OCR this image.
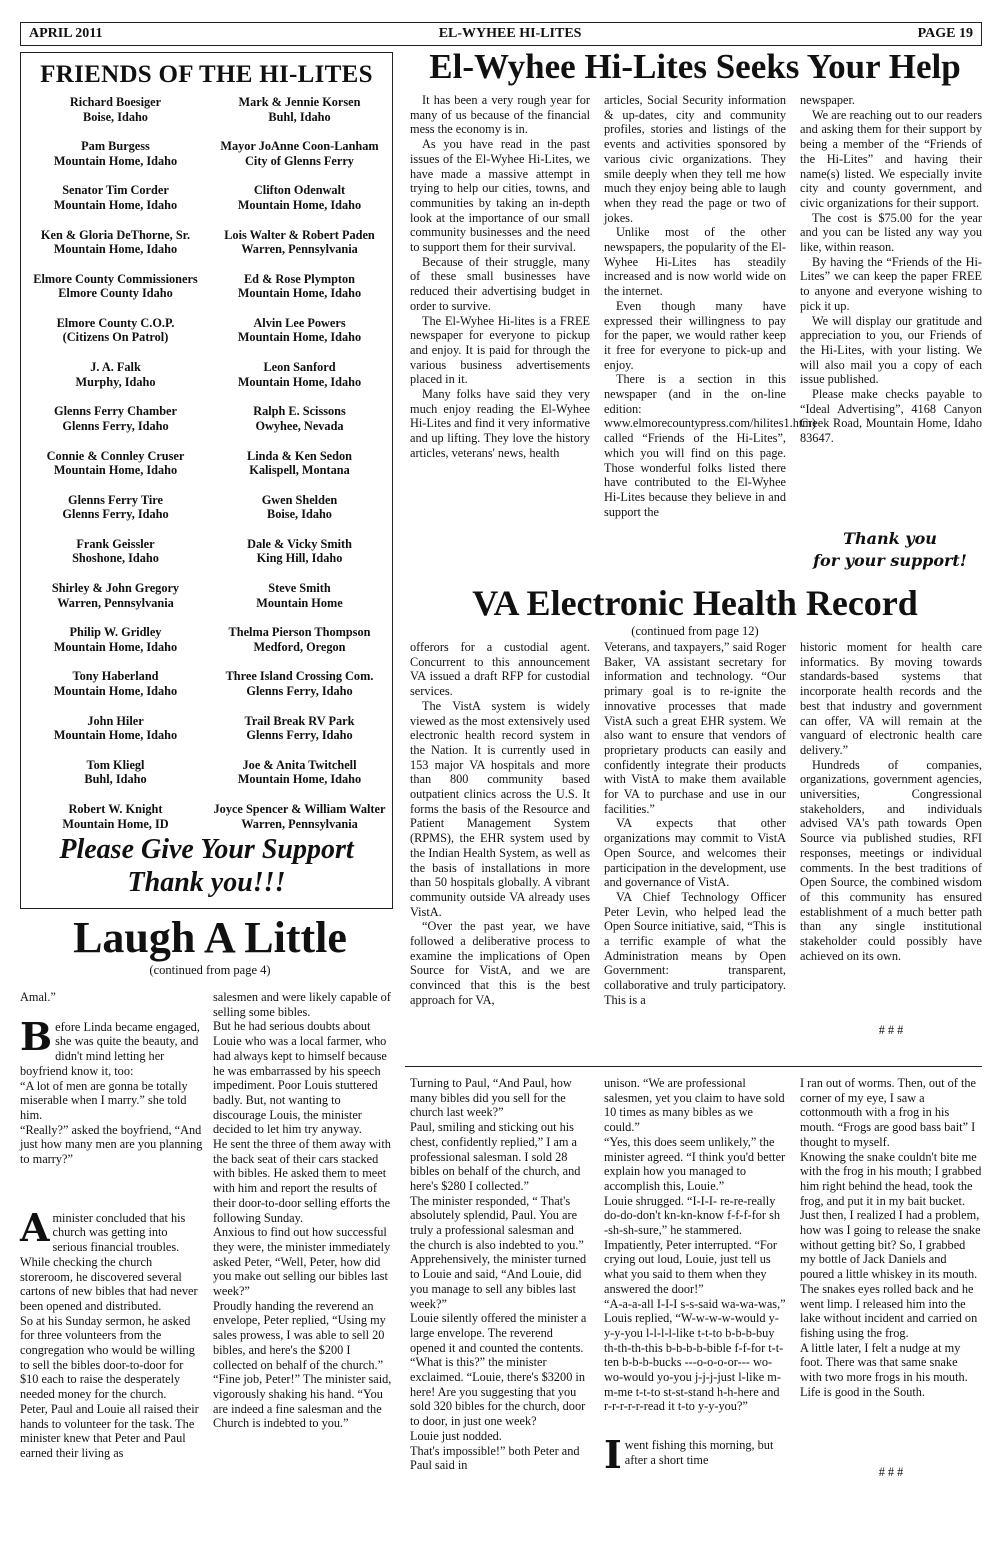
APRIL 2011	EL-WYHEE HI-LITES	PAGE 19
FRIENDS OF THE HI-LITES
Richard Boesiger
Boise, Idaho
Pam Burgess
Mountain Home, Idaho
Senator Tim Corder
Mountain Home, Idaho
Ken & Gloria DeThorne, Sr.
Mountain Home, Idaho
Elmore County Commissioners
Elmore County Idaho
Elmore County C.O.P.
(Citizens On Patrol)
J. A. Falk
Murphy, Idaho
Glenns Ferry Chamber
Glenns Ferry, Idaho
Connie & Connley Cruser
Mountain Home, Idaho
Glenns Ferry Tire
Glenns Ferry, Idaho
Frank Geissler
Shoshone, Idaho
Shirley & John Gregory
Warren, Pennsylvania
Philip W. Gridley
Mountain Home, Idaho
Tony Haberland
Mountain Home, Idaho
John Hiler
Mountain Home, Idaho
Tom Kliegl
Buhl, Idaho
Robert W. Knight
Mountain Home, ID
Mark & Jennie Korsen
Buhl, Idaho
Mayor JoAnne Coon-Lanham
City of Glenns Ferry
Clifton Odenwalt
Mountain Home, Idaho
Lois Walter & Robert Paden
Warren, Pennsylvania
Ed & Rose Plympton
Mountain Home, Idaho
Alvin Lee Powers
Mountain Home, Idaho
Leon Sanford
Mountain Home, Idaho
Ralph E. Scissons
Owyhee, Nevada
Linda & Ken Sedon
Kalispell, Montana
Gwen Shelden
Boise, Idaho
Dale & Vicky Smith
King Hill, Idaho
Steve Smith
Mountain Home
Thelma Pierson Thompson
Medford, Oregon
Three Island Crossing Com.
Glenns Ferry, Idaho
Trail Break RV Park
Glenns Ferry, Idaho
Joe & Anita Twitchell
Mountain Home, Idaho
Joyce Spencer & William Walter
Warren, Pennsylvania
Please Give Your Support
Thank you!!!
El-Wyhee Hi-Lites Seeks Your Help

It has been a very rough year for many of us because of the financial mess the economy is in.

As you have read in the past issues of the El-Wyhee Hi-Lites, we have made a massive attempt in trying to help our cities, towns, and communities by taking an in-depth look at the importance of our small community businesses and the need to support them for their survival.

Because of their struggle, many of these small businesses have reduced their advertising budget in order to survive.

The El-Wyhee Hi-lites is a FREE newspaper for everyone to pickup and enjoy. It is paid for through the various business advertisements placed in it.

Many folks have said they very much enjoy reading the El-Wyhee Hi-Lites and find it very informative and up lifting. They love the history articles, veterans' news, health

articles, Social Security information & up-dates, city and community profiles, stories and listings of the events and activities sponsored by various civic organizations. They smile deeply when they tell me how much they enjoy being able to laugh when they read the page or two of jokes.

Unlike most of the other newspapers, the popularity of the El-Wyhee Hi-Lites has steadily increased and is now world wide on the internet.

Even though many have expressed their willingness to pay for the paper, we would rather keep it free for everyone to pick-up and enjoy.

There is a section in this newspaper (and in the on-line edition: www.elmorecountypress.com/hilites1.htm) called “Friends of the Hi-Lites”, which you will find on this page. Those wonderful folks listed there have contributed to the El-Wyhee Hi-Lites because they believe in and support the

newspaper.

We are reaching out to our readers and asking them for their support by being a member of the “Friends of the Hi-Lites” and having their name(s) listed. We especially invite city and county government, and civic organizations for their support.

The cost is $75.00 for the year and you can be listed any way you like, within reason.

By having the “Friends of the Hi-Lites” we can keep the paper FREE to anyone and everyone wishing to pick it up.

We will display our gratitude and appreciation to you, our Friends of the Hi-Lites, with your listing. We will also mail you a copy of each issue published.

Please make checks payable to “Ideal Advertising”, 4168 Canyon Creek Road, Mountain Home, Idaho 83647.

Thank you
for your support!
VA Electronic Health Record
(continued from page 12)

offerors for a custodial agent. Concurrent to this announcement VA issued a draft RFP for custodial services.

The VistA system is widely viewed as the most extensively used electronic health record system in the Nation. It is currently used in 153 major VA hospitals and more than 800 community based outpatient clinics across the U.S. It forms the basis of the Resource and Patient Management System (RPMS), the EHR system used by the Indian Health System, as well as the basis of installations in more than 50 hospitals globally. A vibrant community outside VA already uses VistA.

“Over the past year, we have followed a deliberative process to examine the implications of Open Source for VistA, and we are convinced that this is the best approach for VA,

Veterans, and taxpayers,” said Roger Baker, VA assistant secretary for information and technology. “Our primary goal is to re-ignite the innovative processes that made VistA such a great EHR system. We also want to ensure that vendors of proprietary products can easily and confidently integrate their products with VistA to make them available for VA to purchase and use in our facilities.”

VA expects that other organizations may commit to VistA Open Source, and welcomes their participation in the development, use and governance of VistA.

VA Chief Technology Officer Peter Levin, who helped lead the Open Source initiative, said, “This is a terrific example of what the Administration means by Open Government: transparent, collaborative and truly participatory. This is a

historic moment for health care informatics. By moving towards standards-based systems that incorporate health records and the best that industry and government can offer, VA will remain at the vanguard of electronic health care delivery.”

Hundreds of companies, organizations, government agencies, universities, Congressional stakeholders, and individuals advised VA's path towards Open Source via published studies, RFI responses, meetings or individual comments. In the best traditions of Open Source, the combined wisdom of this community has ensured establishment of a much better path than any single institutional stakeholder could possibly have achieved on its own.

# # #
Laugh A Little
(continued from page 4)

Amal.”

B efore Linda became engaged, she was quite the beauty, and didn't mind letting her boyfriend know it, too:

“A lot of men are gonna be totally miserable when I marry.” she told him.

“Really?” asked the boyfriend, “And just how many men are you planning to marry?”

A minister concluded that his church was getting into serious financial troubles. While checking the church storeroom, he discovered several cartons of new bibles that had never been opened and distributed.

So at his Sunday sermon, he asked for three volunteers from the congregation who would be willing to sell the bibles door-to-door for $10 each to raise the desperately needed money for the church.

Peter, Paul and Louie all raised their hands to volunteer for the task. The minister knew that Peter and Paul earned their living as

salesmen and were likely capable of selling some bibles.

But he had serious doubts about Louie who was a local farmer, who had always kept to himself because he was embarrassed by his speech impediment. Poor Louis stuttered badly. But, not wanting to discourage Louis, the minister decided to let him try anyway.

He sent the three of them away with the back seat of their cars stacked with bibles. He asked them to meet with him and report the results of their door-to-door selling efforts the following Sunday.

Anxious to find out how successful they were, the minister immediately asked Peter, “Well, Peter, how did you make out selling our bibles last week?”

Proudly handing the reverend an envelope, Peter replied, “Using my sales prowess, I was able to sell 20 bibles, and here's the $200 I collected on behalf of the church.”

“Fine job, Peter!” The minister said, vigorously shaking his hand. “You are indeed a fine salesman and the Church is indebted to you.”

Turning to Paul, “And Paul, how many bibles did you sell for the church last week?”

Paul, smiling and sticking out his chest, confidently replied,” I am a professional salesman. I sold 28 bibles on behalf of the church, and here's $280 I collected.”

The minister responded, “ That's absolutely splendid, Paul. You are truly a professional salesman and the church is also indebted to you.”

Apprehensively, the minister turned to Louie and said, “And Louie, did you manage to sell any bibles last week?”

Louie silently offered the minister a large envelope. The reverend opened it and counted the contents.

“What is this?” the minister exclaimed. “Louie, there's $3200 in here! Are you suggesting that you sold 320 bibles for the church, door to door, in just one week?

Louie just nodded.

That's impossible!” both Peter and Paul said in

unison. “We are professional salesmen, yet you claim to have sold 10 times as many bibles as we could.”

“Yes, this does seem unlikely,” the minister agreed. “I think you'd better explain how you managed to accomplish this, Louie.”

Louie shrugged. “I-I-I- re-re-really do-do-don't kn-kn-know f-f-f-for sh -sh-sh-sure,” he stammered.

Impatiently, Peter interrupted. “For crying out loud, Louie, just tell us what you said to them when they answered the door!”

“A-a-a-all I-I-I s-s-said wa-wa-was,” Louis replied, “W-w-w-w-would y-y-y-you l-l-l-l-like t-t-to b-b-b-buy th-th-th-this b-b-b-b-bible f-f-for t-t-ten b-b-b-bucks ---o-o-o-or--- wo-wo-would yo-you j-j-j-just l-like m-m-me t-t-to st-st-stand h-h-here and r-r-r-r-r-read it t-to y-y-you?”

I went fishing this morning, but after a short time

I ran out of worms. Then, out of the corner of my eye, I saw a cottonmouth with a frog in his mouth. “Frogs are good bass bait” I thought to myself.

Knowing the snake couldn't bite me with the frog in his mouth; I grabbed him right behind the head, took the frog, and put it in my bait bucket.

Just then, I realized I had a problem, how was I going to release the snake without getting bit? So, I grabbed my bottle of Jack Daniels and poured a little whiskey in its mouth. The snakes eyes rolled back and he went limp. I released him into the lake without incident and carried on fishing using the frog.

A little later, I felt a nudge at my foot. There was that same snake with two more frogs in his mouth.

Life is good in the South.

# # #
